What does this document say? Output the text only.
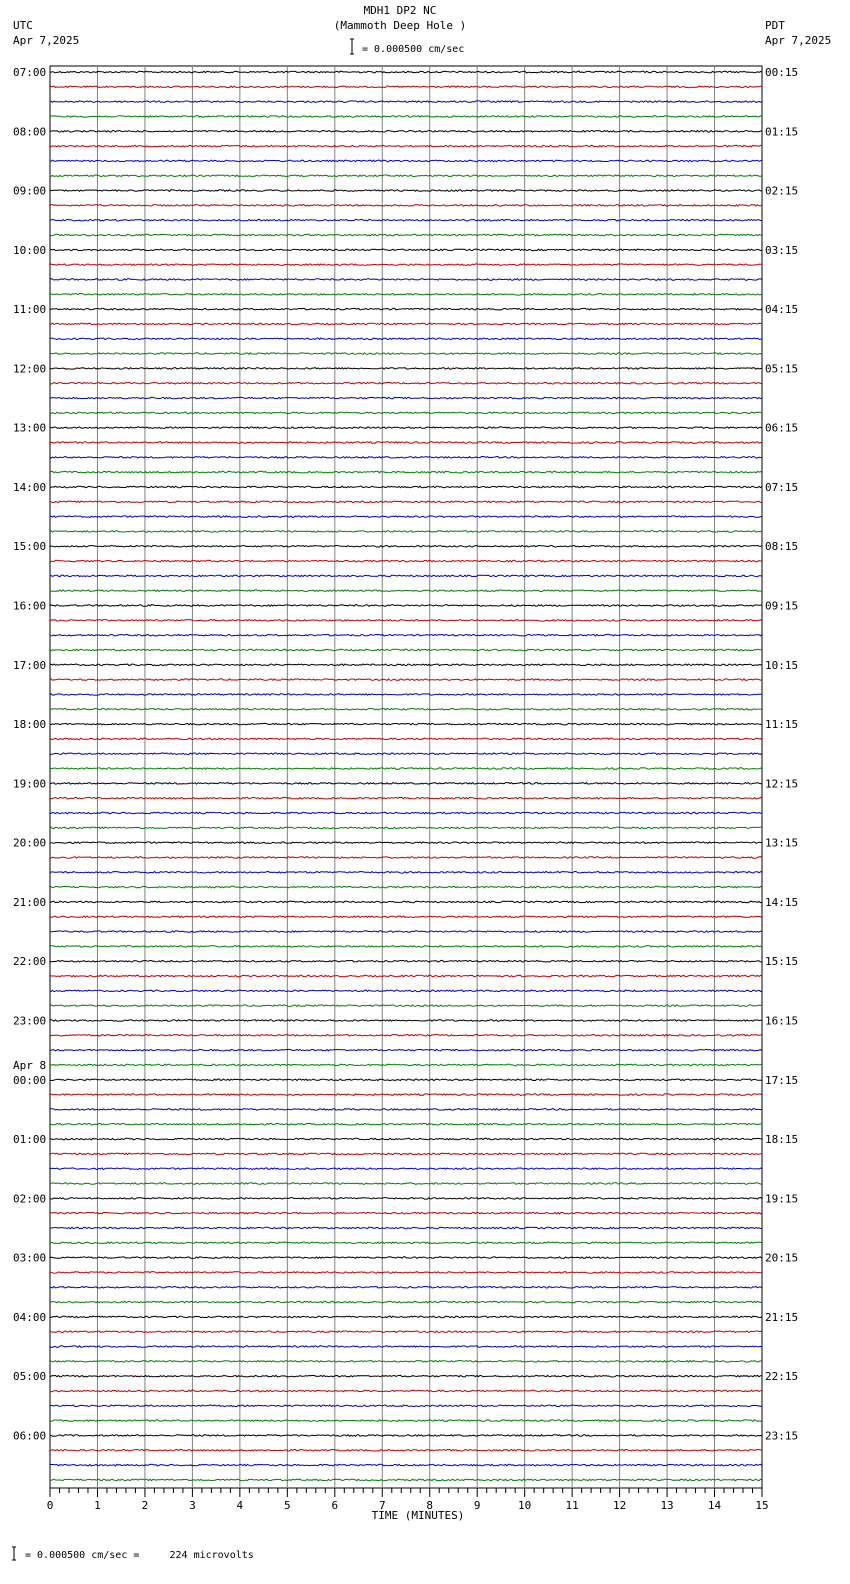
MDH1 DP2 NC
(Mammoth Deep Hole )
= 0.000500 cm/sec
UTC
Apr 7,2025
PDT
Apr 7,2025
= 0.000500 cm/sec =     224 microvolts
TIME (MINUTES)
0	1	2	3	4	5	6	7	8	9	10	11	12	13	14	15
07:00
08:00
09:00
10:00
11:00
12:00
13:00
14:00
15:00
16:00
17:00
18:00
19:00
20:00
21:00
22:00
23:00
00:00
Apr 8
01:00
02:00
03:00
04:00
05:00
06:00
00:15
01:15
02:15
03:15
04:15
05:15
06:15
07:15
08:15
09:15
10:15
11:15
12:15
13:15
14:15
15:15
16:15
17:15
18:15
19:15
20:15
21:15
22:15
23:15
